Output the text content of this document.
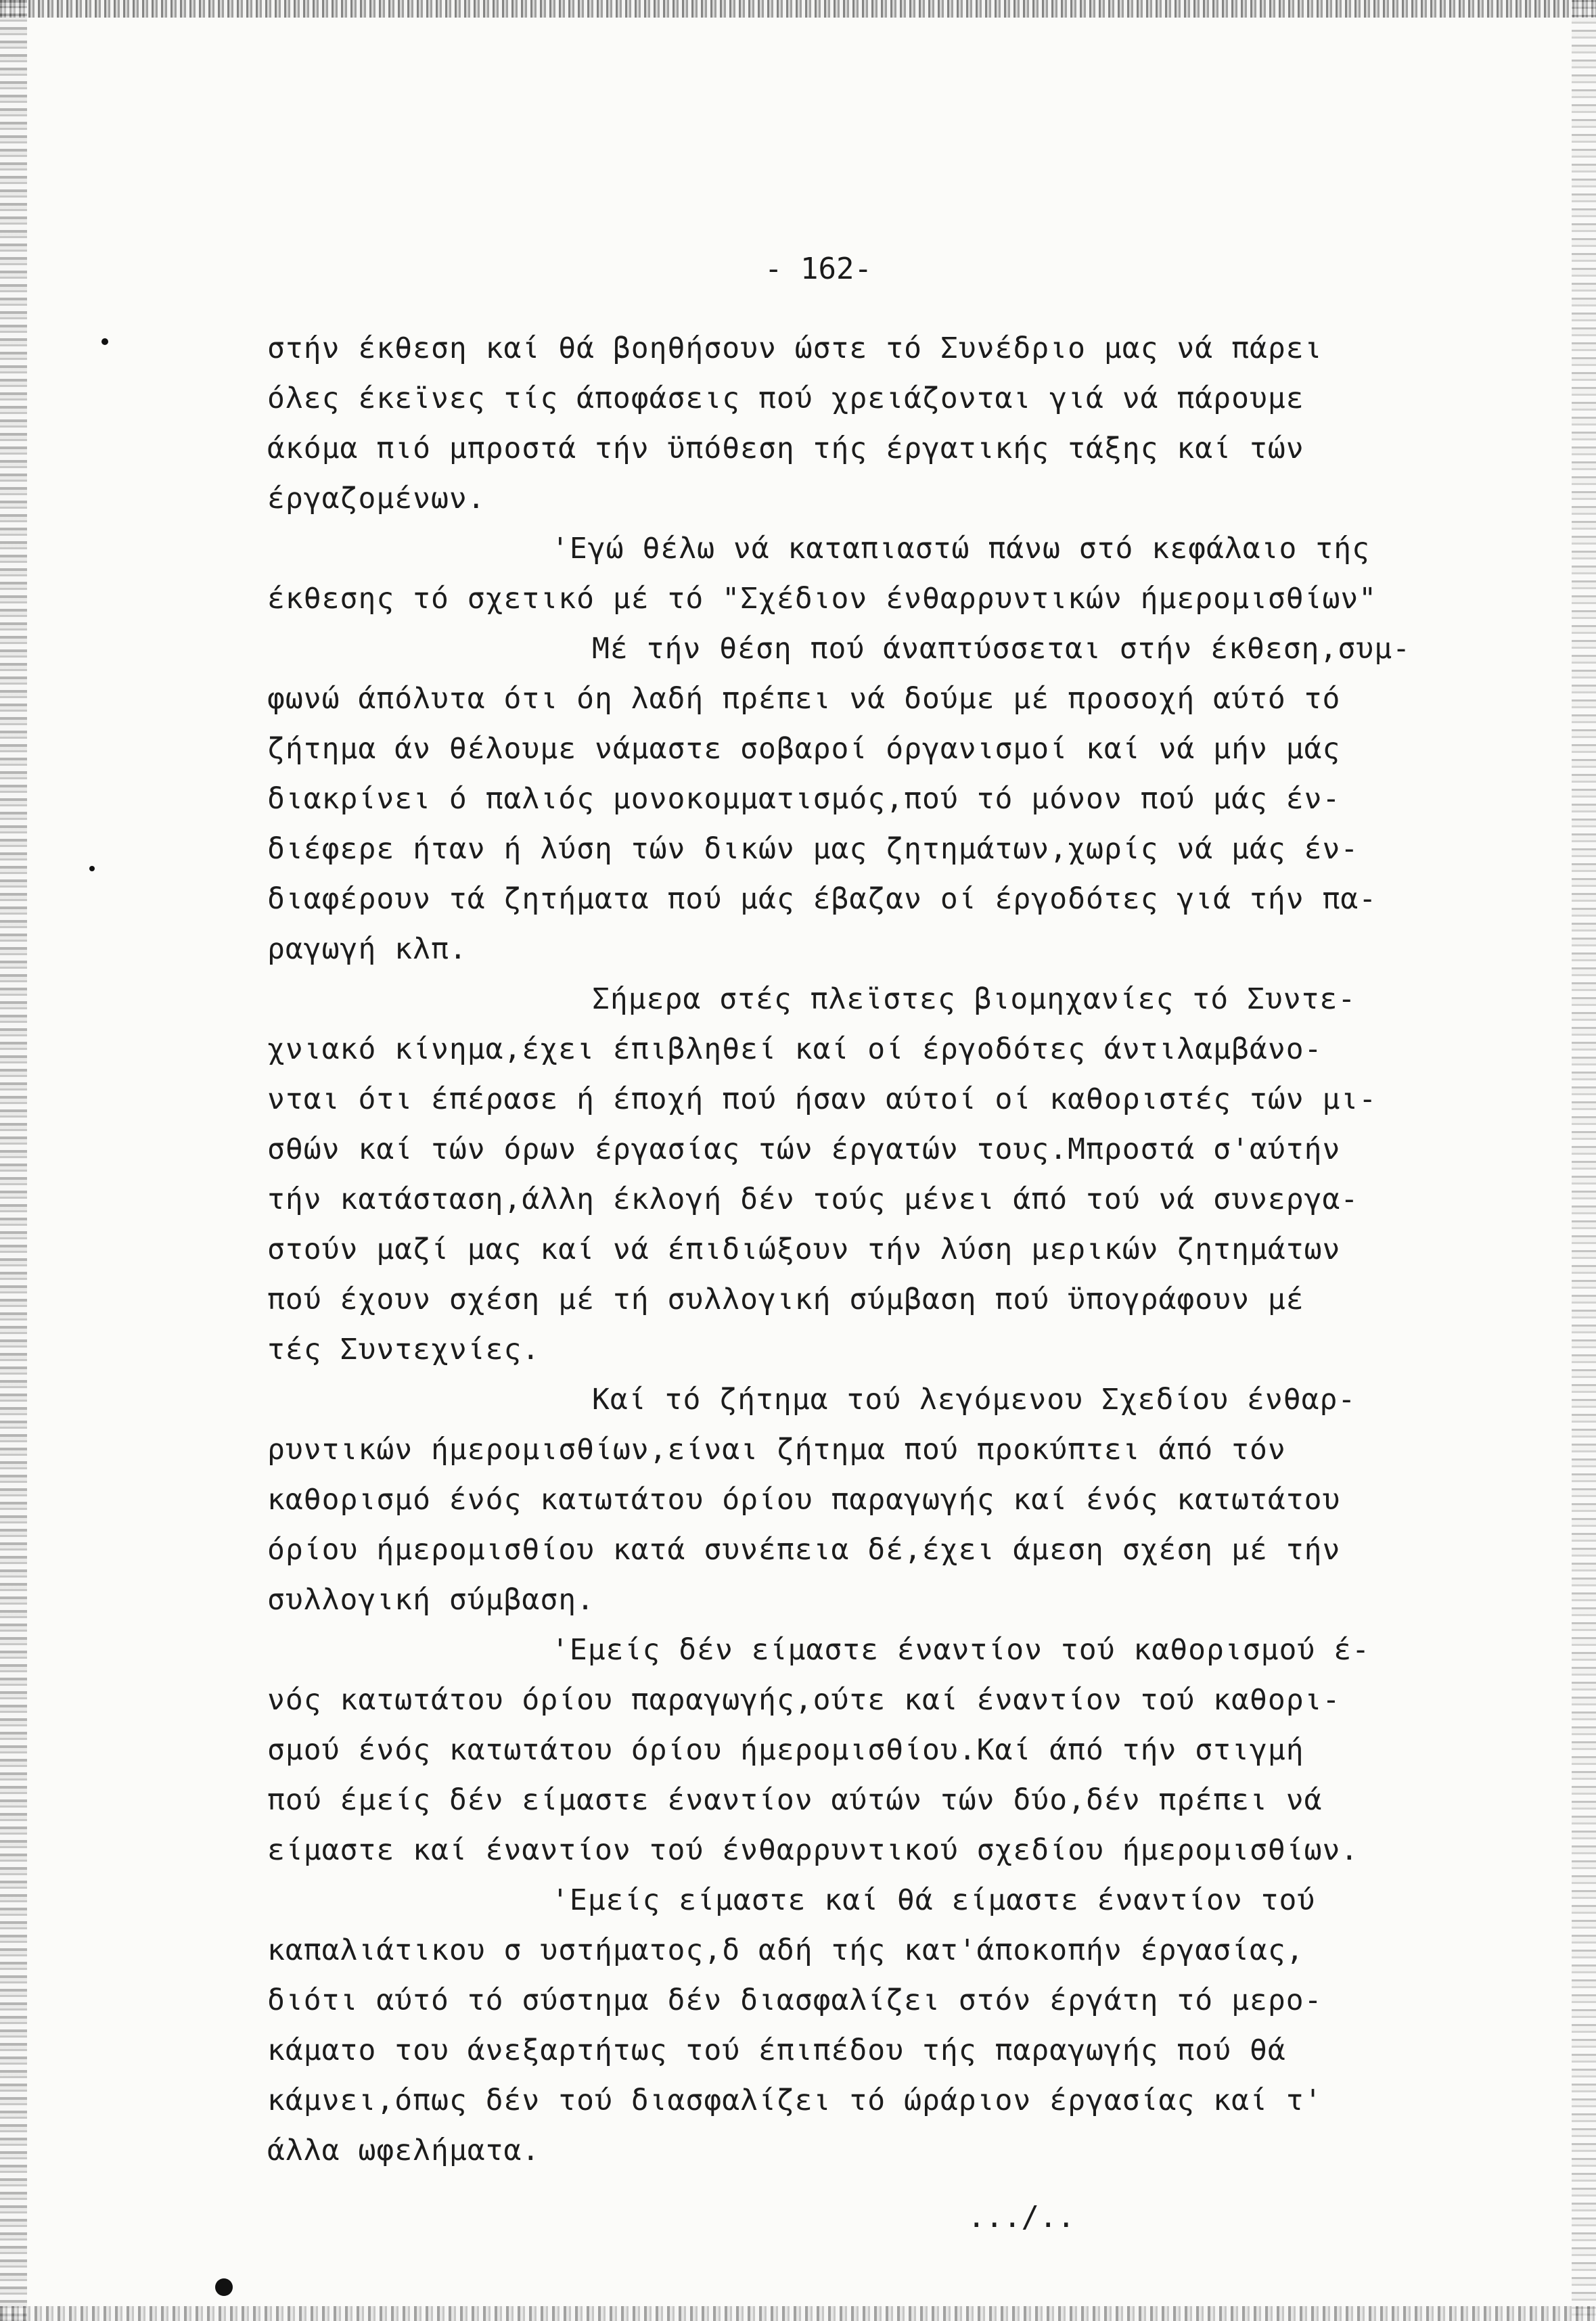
- 162-
στήν έκθεση καί θά βοηθήσουν ώστε τό Συνέδριο μας νά πάρει
όλες έκεϊνες τίς άποφάσεις πού χρειάζονται γιά νά πάρουμε
άκόμα πιό μπροστά τήν ϋπόθεση τής έργατικής τάξης καί τών
έργαζομένων.
'Εγώ θέλω νά καταπιαστώ πάνω στό κεφάλαιο τής
έκθεσης τό σχετικό μέ τό "Σχέδιον ένθαρρυντικών ήμερομισθίων"
Μέ τήν θέση πού άναπτύσσεται στήν έκθεση,συμ-
φωνώ άπόλυτα ότι όη λαδή πρέπει νά δούμε μέ προσοχή αύτό τό
ζήτημα άν θέλουμε νάμαστε σοβαροί όργανισμοί καί νά μήν μάς
διακρίνει ό παλιός μονοκομματισμός,πού τό μόνον πού μάς έν-
διέφερε ήταν ή λύση τών δικών μας ζητημάτων,χωρίς νά μάς έν-
διαφέρουν τά ζητήματα πού μάς έβαζαν οί έργοδότες γιά τήν πα-
ραγωγή κλπ.
Σήμερα στές πλεϊστες βιομηχανίες τό Συντε-
χνιακό κίνημα,έχει έπιβληθεί καί οί έργοδότες άντιλαμβάνο-
νται ότι έπέρασε ή έποχή πού ήσαν αύτοί οί καθοριστές τών μι-
σθών καί τών όρων έργασίας τών έργατών τους.Μπροστά σ'αύτήν
τήν κατάσταση,άλλη έκλογή δέν τούς μένει άπό τού νά συνεργα-
στούν μαζί μας καί νά έπιδιώξουν τήν λύση μερικών ζητημάτων
πού έχουν σχέση μέ τή συλλογική σύμβαση πού ϋπογράφουν μέ
τές Συντεχνίες.
Καί τό ζήτημα τού λεγόμενου Σχεδίου ένθαρ-
ρυντικών ήμερομισθίων,είναι ζήτημα πού προκύπτει άπό τόν
καθορισμό ένός κατωτάτου όρίου παραγωγής καί ένός κατωτάτου
όρίου ήμερομισθίου κατά συνέπεια δέ,έχει άμεση σχέση μέ τήν
συλλογική σύμβαση.
'Εμείς δέν είμαστε έναντίον τού καθορισμού έ-
νός κατωτάτου όρίου παραγωγής,ούτε καί έναντίον τού καθορι-
σμού ένός κατωτάτου όρίου ήμερομισθίου.Καί άπό τήν στιγμή
πού έμείς δέν είμαστε έναντίον αύτών τών δύο,δέν πρέπει νά
είμαστε καί έναντίον τού ένθαρρυντικού σχεδίου ήμερομισθίων.
'Εμείς είμαστε καί θά είμαστε έναντίον τού
καπαλιάτικου σ υστήματος,δ αδή τής κατ'άποκοπήν έργασίας,
διότι αύτό τό σύστημα δέν διασφαλίζει στόν έργάτη τό μερο-
κάματο του άνεξαρτήτως τού έπιπέδου τής παραγωγής πού θά
κάμνει,όπως δέν τού διασφαλίζει τό ώράριον έργασίας καί τ'
άλλα ωφελήματα.
.../..
